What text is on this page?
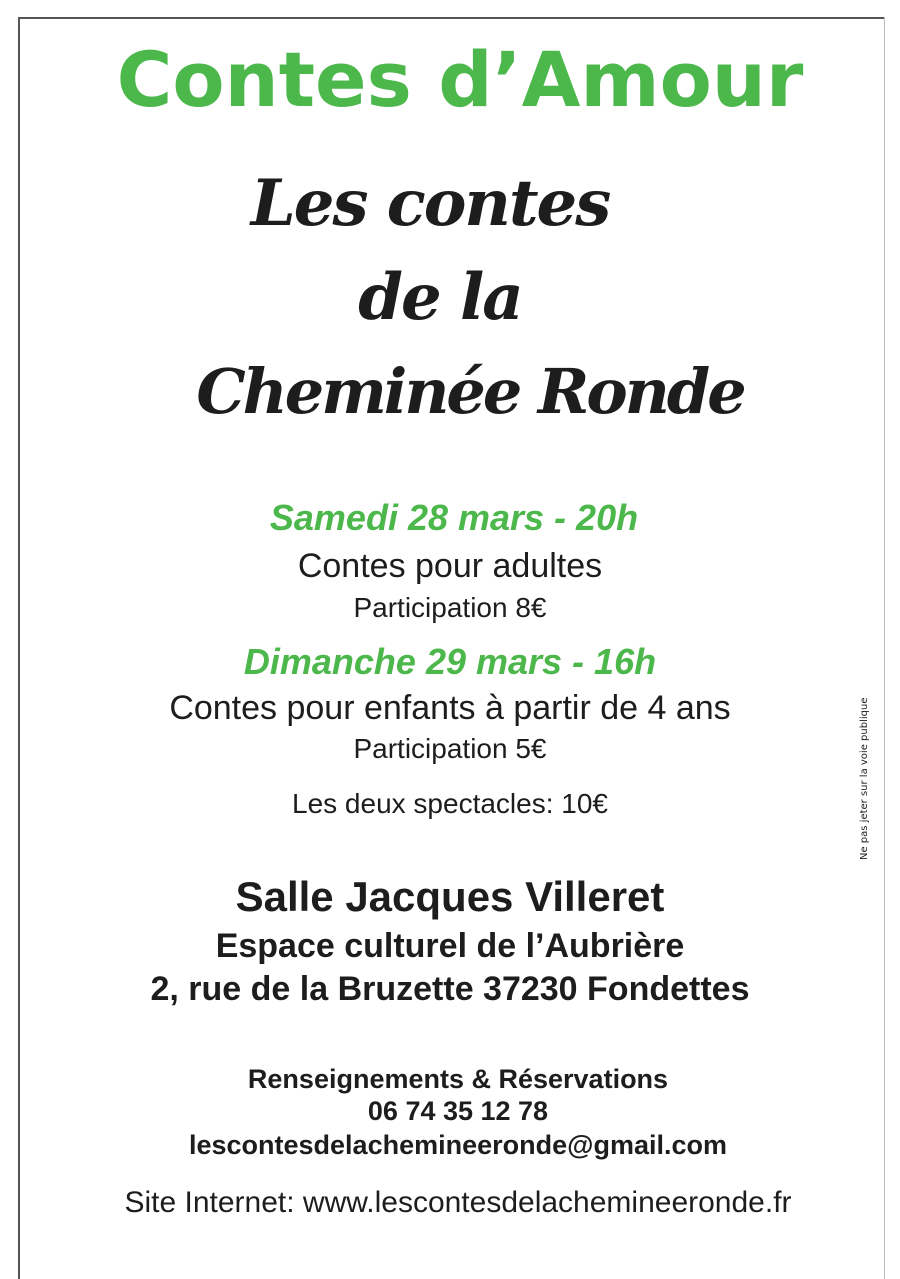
Contes d’Amour
Les contes
de la
Cheminée Ronde
Samedi 28 mars - 20h
Contes pour adultes
Participation 8€
Dimanche 29 mars - 16h
Contes pour enfants à partir de 4 ans
Participation 5€
Les deux spectacles: 10€
Salle Jacques Villeret
Espace culturel de l’Aubrière
2, rue de la Bruzette 37230 Fondettes
Renseignements & Réservations
06 74 35 12 78
lescontesdelachemineeronde@gmail.com
Site Internet: www.lescontesdelachemineeronde.fr
Ne pas jeter sur la voie publique
